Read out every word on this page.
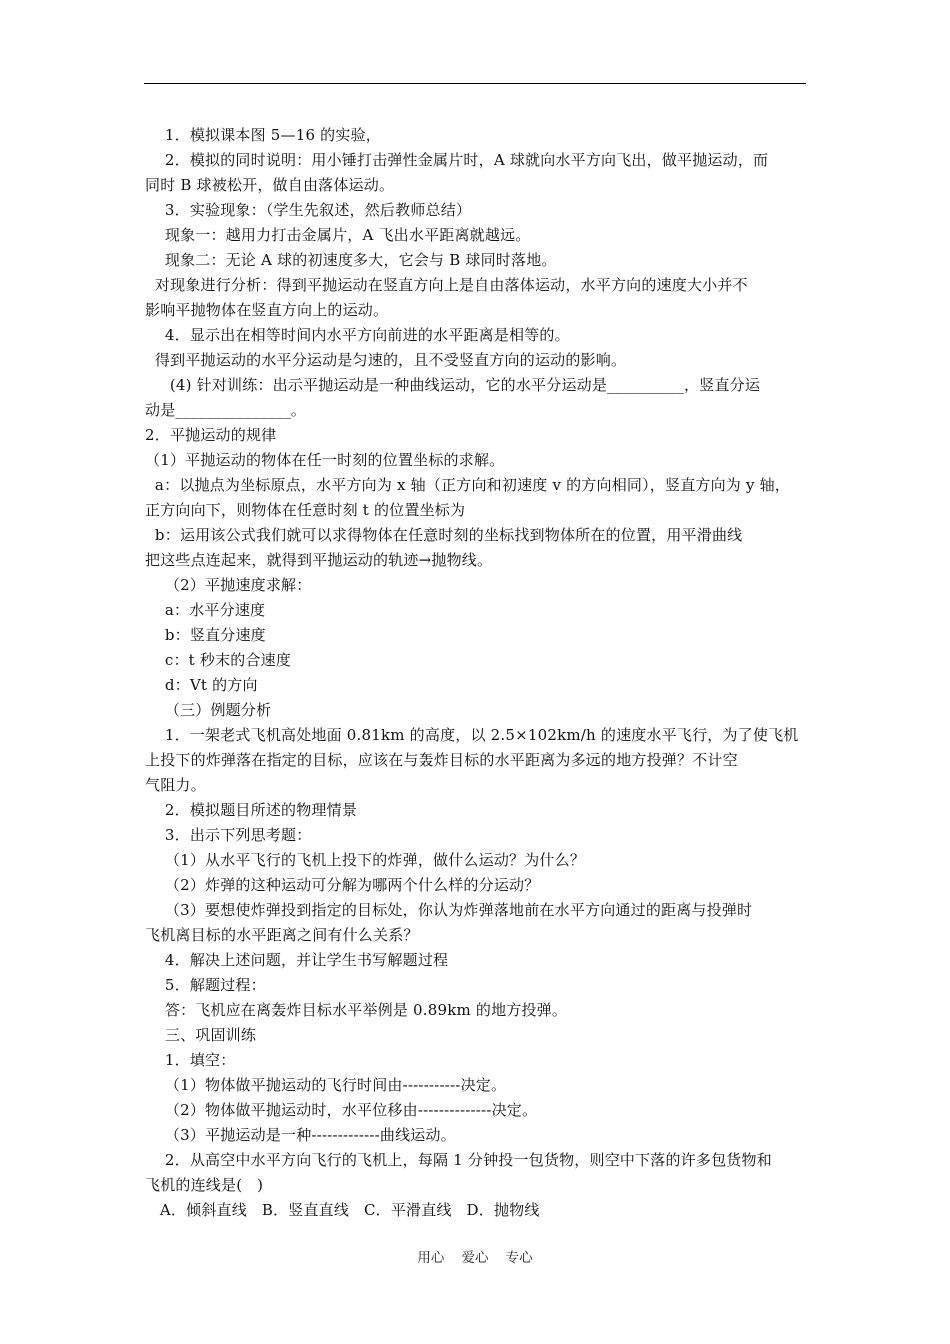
1．模拟课本图 5—16 的实验，
2．模拟的同时说明：用小锤打击弹性金属片时，A 球就向水平方向飞出，做平抛运动，而
同时 B 球被松开，做自由落体运动。
3．实验现象：（学生先叙述，然后教师总结）
现象一：越用力打击金属片，A 飞出水平距离就越远。
现象二：无论 A 球的初速度多大，它会与 B 球同时落地。
对现象进行分析：得到平抛运动在竖直方向上是自由落体运动，水平方向的速度大小并不
影响平抛物体在竖直方向上的运动。
4．显示出在相等时间内水平方向前进的水平距离是相等的。
得到平抛运动的水平分运动是匀速的，且不受竖直方向的运动的影响。
(4) 针对训练：出示平抛运动是一种曲线运动，它的水平分运动是__________，竖直分运
动是_______________。
2．平抛运动的规律
（1）平抛运动的物体在任一时刻的位置坐标的求解。
a：以抛点为坐标原点，水平方向为 x 轴（正方向和初速度 v 的方向相同），竖直方向为 y 轴，
正方向向下，则物体在任意时刻 t 的位置坐标为
b：运用该公式我们就可以求得物体在任意时刻的坐标找到物体所在的位置，用平滑曲线
把这些点连起来，就得到平抛运动的轨迹→抛物线。
（2）平抛速度求解：
a：水平分速度
b：竖直分速度
c：t 秒末的合速度
d：Vt 的方向
（三）例题分析
1．一架老式飞机高处地面 0.81km 的高度，以 2.5×102km/h 的速度水平飞行，为了使飞机
上投下的炸弹落在指定的目标，应该在与轰炸目标的水平距离为多远的地方投弹？不计空
气阻力。
2．模拟题目所述的物理情景
3．出示下列思考题：
（1）从水平飞行的飞机上投下的炸弹，做什么运动？为什么？
（2）炸弹的这种运动可分解为哪两个什么样的分运动？
（3）要想使炸弹投到指定的目标处，你认为炸弹落地前在水平方向通过的距离与投弹时
飞机离目标的水平距离之间有什么关系？
4．解决上述问题，并让学生书写解题过程
5．解题过程：
答：飞机应在离轰炸目标水平举例是 0.89km 的地方投弹。
三、巩固训练
1．填空：
（1）物体做平抛运动的飞行时间由-----------决定。
（2）物体做平抛运动时，水平位移由--------------决定。
（3）平抛运动是一种-------------曲线运动。
2．从高空中水平方向飞行的飞机上，每隔 1 分钟投一包货物，则空中下落的许多包货物和
飞机的连线是(   )
A．倾斜直线   B．竖直直线   C．平滑直线   D．抛物线
用心    爱心    专心
